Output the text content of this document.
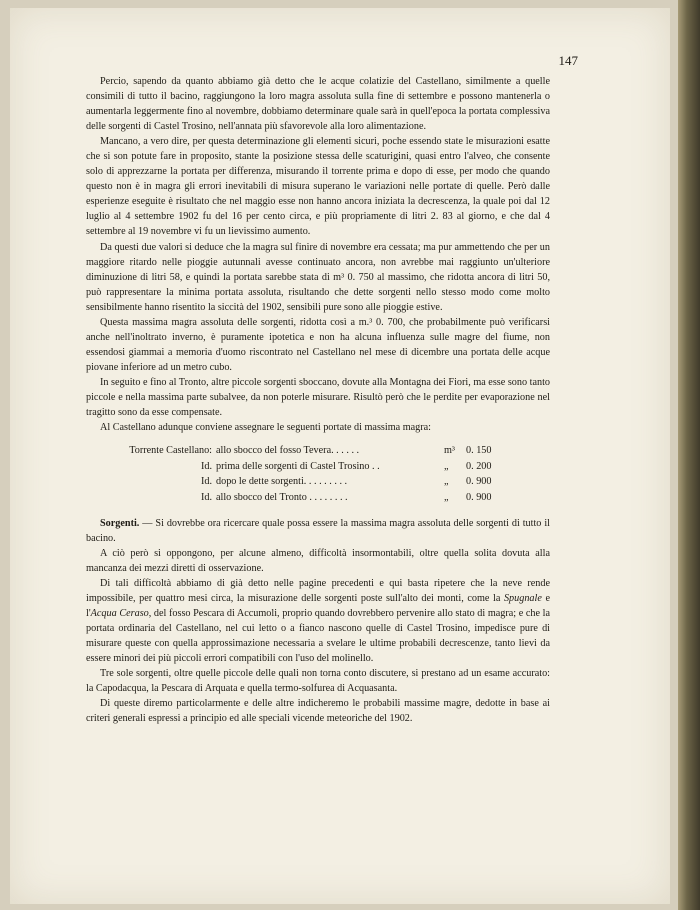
147

Percio, sapendo da quanto abbiamo già detto che le acque colatizie del Castellano, similmente a quelle consimili di tutto il bacino, raggiungono la loro magra assoluta sulla fine di settembre e possono mantenerla o aumentarla leggermente fino al novembre, dobbiamo determinare quale sarà in quell'epoca la portata complessiva delle sorgenti di Castel Trosino, nell'annata più sfavorevole alla loro alimentazione.

Mancano, a vero dire, per questa determinazione gli elementi sicuri, poche essendo state le misurazioni esatte che si son potute fare in proposito, stante la posizione stessa delle scaturigini, quasi entro l'alveo, che consente solo di apprezzarne la portata per differenza, misurando il torrente prima e dopo di esse, per modo che quando questo non è in magra gli errori inevitabili di misura superano le variazioni nelle portate di quelle. Però dalle esperienze eseguite è risultato che nel maggio esse non hanno ancora iniziata la decrescenza, la quale poi dal 12 luglio al 4 settembre 1902 fu del 16 per cento circa, e più propriamente di litri 2. 83 al giorno, e che dal 4 settembre al 19 novembre vi fu un lievissimo aumento.

Da questi due valori si deduce che la magra sul finire di novembre era cessata; ma pur ammettendo che per un maggiore ritardo nelle pioggie autunnali avesse continuato ancora, non avrebbe mai raggiunto un'ulteriore diminuzione di litri 58, e quindi la portata sarebbe stata di m³ 0. 750 al massimo, che ridotta ancora di litri 50, può rappresentare la minima portata assoluta, risultando che dette sorgenti nello stesso modo come molto sensibilmente hanno risentito la siccità del 1902, sensibili pure sono alle pioggie estive.

Questa massima magra assoluta delle sorgenti, ridotta così a m.³ 0. 700, che probabilmente può verificarsi anche nell'inoltrato inverno, è puramente ipotetica e non ha alcuna influenza sulle magre del fiume, non essendosi giammai a memoria d'uomo riscontrato nel Castellano nel mese di dicembre una portata delle acque piovane inferiore ad un metro cubo.

In seguito e fino al Tronto, altre piccole sorgenti sboccano, dovute alla Montagna dei Fiori, ma esse sono tanto piccole e nella massima parte subalvee, da non poterle misurare. Risultò però che le perdite per evaporazione nel tragitto sono da esse compensate.

Al Castellano adunque conviene assegnare le seguenti portate di massima magra:

Torrente Castellano: allo sbocco del fosso Tevera. . . . . .	m³	0. 150
Id. prima delle sorgenti di Castel Trosino . .	„	0. 200
Id. dopo le dette sorgenti. . . . . . . . .	„	0. 900
Id. allo sbocco del Tronto . . . . . . . .	„	0. 900

Sorgenti. — Si dovrebbe ora ricercare quale possa essere la massima magra assoluta delle sorgenti di tutto il bacino.

A ciò però si oppongono, per alcune almeno, difficoltà insormontabili, oltre quella solita dovuta alla mancanza dei mezzi diretti di osservazione.

Di tali difficoltà abbiamo di già detto nelle pagine precedenti e qui basta ripetere che la neve rende impossibile, per quattro mesi circa, la misurazione delle sorgenti poste sull'alto dei monti, come la Spugnale e l'Acqua Ceraso, del fosso Pescara di Accumoli, proprio quando dovrebbero pervenire allo stato di magra; e che la portata ordinaria del Castellano, nel cui letto o a fianco nascono quelle di Castel Trosino, impedisce pure di misurare queste con quella approssimazione necessaria a svelare le ultime probabili decrescenze, tanto lievi da essere minori dei più piccoli errori compatibili con l'uso del molinello.

Tre sole sorgenti, oltre quelle piccole delle quali non torna conto discutere, si prestano ad un esame accurato: la Capodacqua, la Pescara di Arquata e quella termo-solfurea di Acquasanta.

Di queste diremo particolarmente e delle altre indicheremo le probabili massime magre, dedotte in base ai criteri generali espressi a principio ed alle speciali vicende meteoriche del 1902.
